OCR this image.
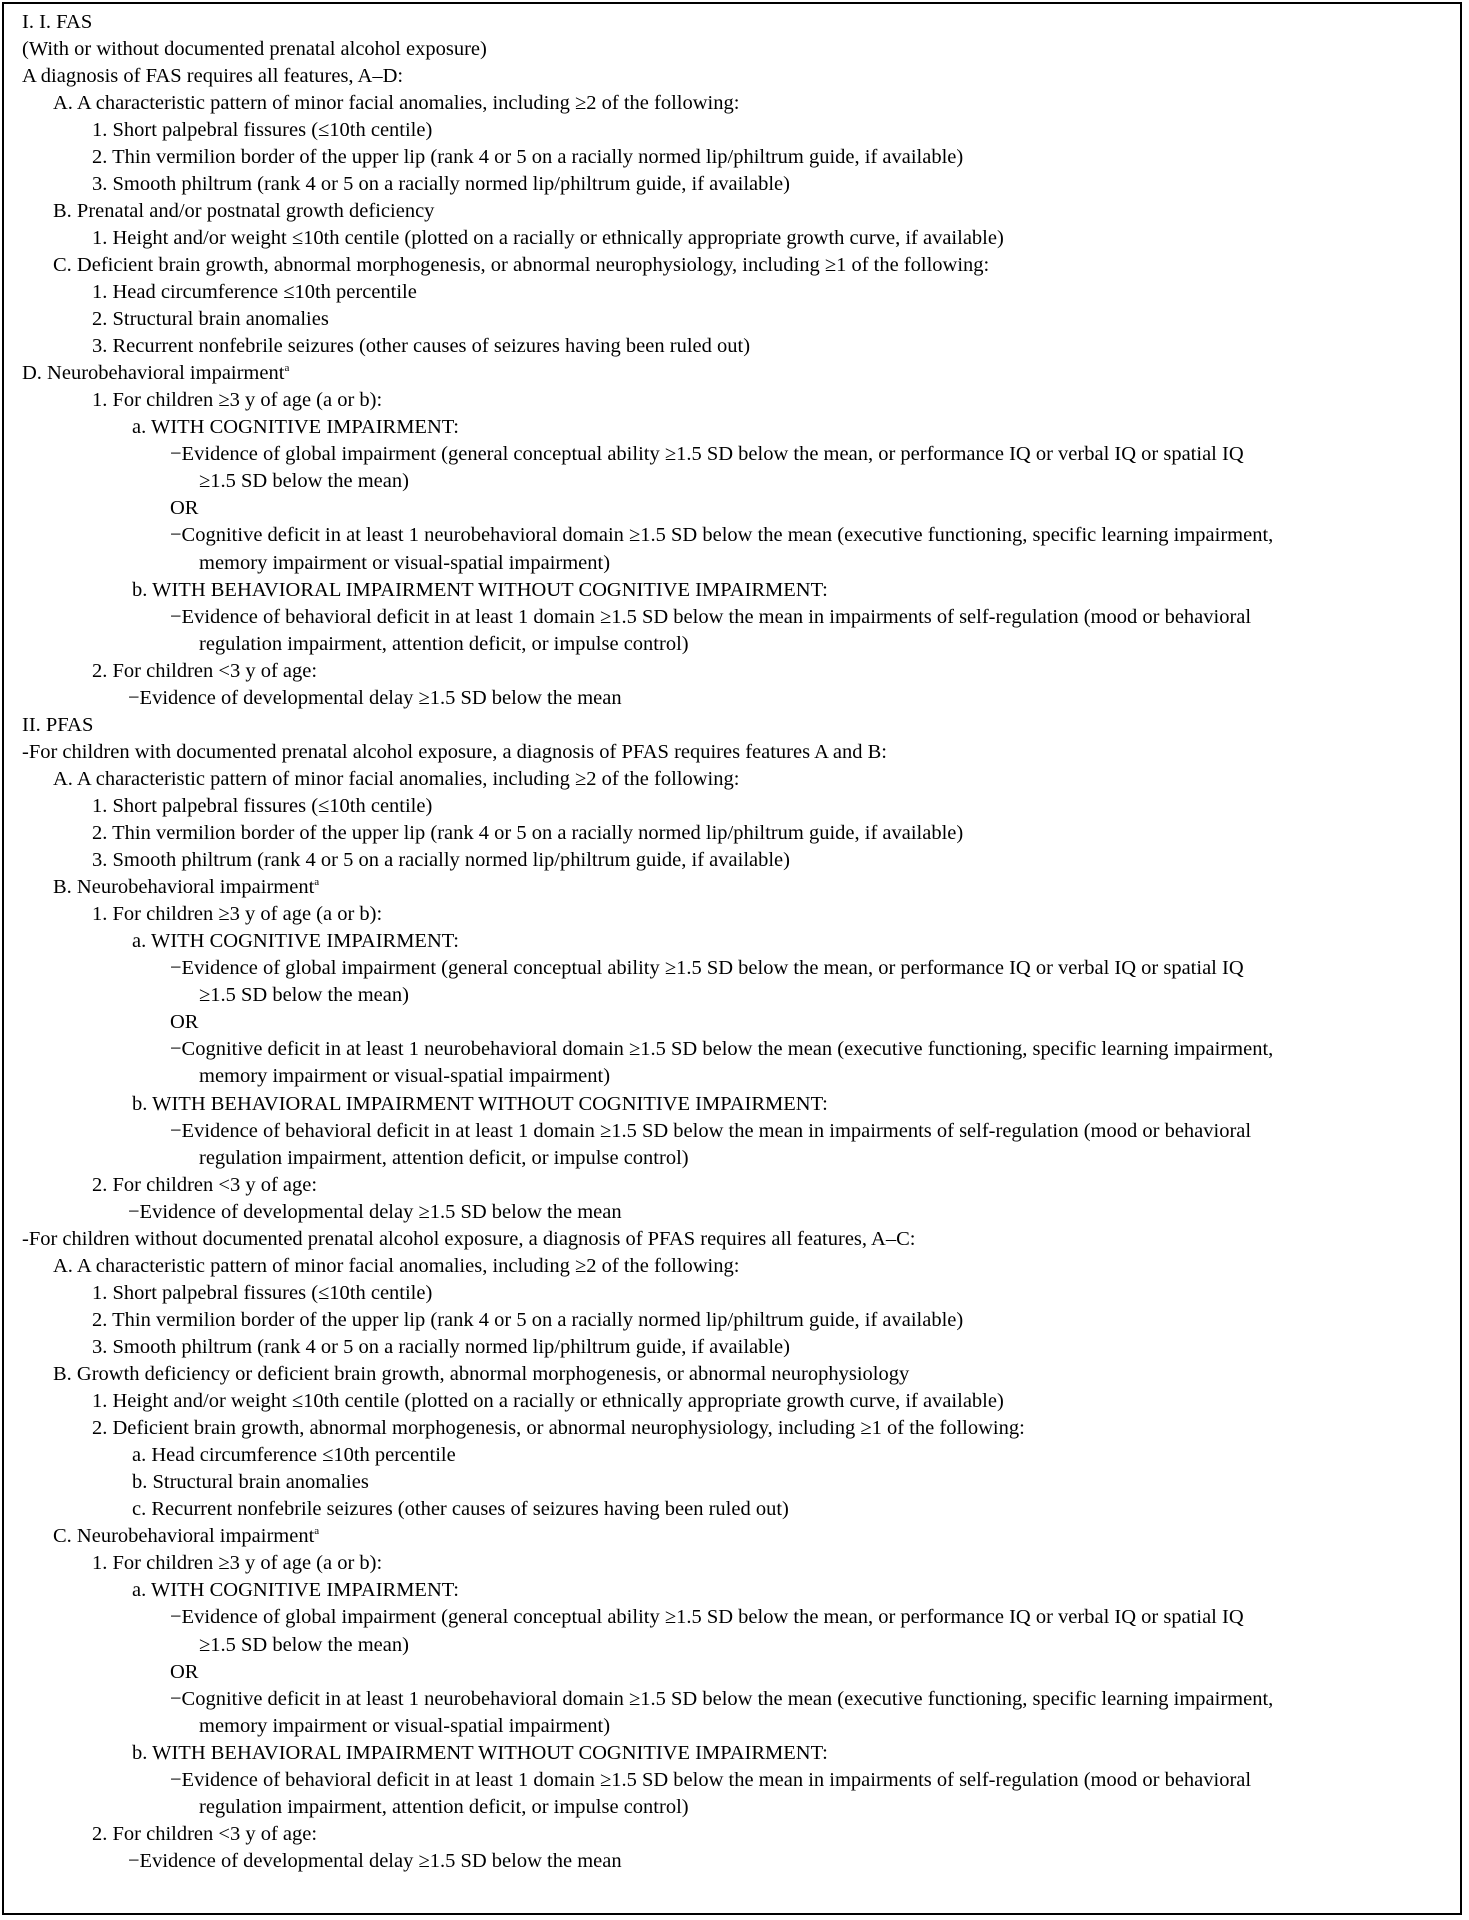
I. I. FAS

(With or without documented prenatal alcohol exposure)

A diagnosis of FAS requires all features, A–D:

A. A characteristic pattern of minor facial anomalies, including ≥2 of the following:

1. Short palpebral fissures (≤10th centile)

2. Thin vermilion border of the upper lip (rank 4 or 5 on a racially normed lip/philtrum guide, if available)

3. Smooth philtrum (rank 4 or 5 on a racially normed lip/philtrum guide, if available)

B. Prenatal and/or postnatal growth deficiency

1. Height and/or weight ≤10th centile (plotted on a racially or ethnically appropriate growth curve, if available)

C. Deficient brain growth, abnormal morphogenesis, or abnormal neurophysiology, including ≥1 of the following:

1. Head circumference ≤10th percentile

2. Structural brain anomalies

3. Recurrent nonfebrile seizures (other causes of seizures having been ruled out)

D. Neurobehavioral impairment$^a$

1. For children ≥3 y of age (a or b):

a. WITH COGNITIVE IMPAIRMENT:

−Evidence of global impairment (general conceptual ability ≥1.5 SD below the mean, or performance IQ or verbal IQ or spatial IQ

≥1.5 SD below the mean)

OR

−Cognitive deficit in at least 1 neurobehavioral domain ≥1.5 SD below the mean (executive functioning, specific learning impairment,

memory impairment or visual-spatial impairment)

b. WITH BEHAVIORAL IMPAIRMENT WITHOUT COGNITIVE IMPAIRMENT:

−Evidence of behavioral deficit in at least 1 domain ≥1.5 SD below the mean in impairments of self-regulation (mood or behavioral

regulation impairment, attention deficit, or impulse control)

2. For children <3 y of age:

−Evidence of developmental delay ≥1.5 SD below the mean

II. PFAS

-For children with documented prenatal alcohol exposure, a diagnosis of PFAS requires features A and B:

A. A characteristic pattern of minor facial anomalies, including ≥2 of the following:

1. Short palpebral fissures (≤10th centile)

2. Thin vermilion border of the upper lip (rank 4 or 5 on a racially normed lip/philtrum guide, if available)

3. Smooth philtrum (rank 4 or 5 on a racially normed lip/philtrum guide, if available)

B. Neurobehavioral impairment$^a$

1. For children ≥3 y of age (a or b):

a. WITH COGNITIVE IMPAIRMENT:

−Evidence of global impairment (general conceptual ability ≥1.5 SD below the mean, or performance IQ or verbal IQ or spatial IQ

≥1.5 SD below the mean)

OR

−Cognitive deficit in at least 1 neurobehavioral domain ≥1.5 SD below the mean (executive functioning, specific learning impairment,

memory impairment or visual-spatial impairment)

b. WITH BEHAVIORAL IMPAIRMENT WITHOUT COGNITIVE IMPAIRMENT:

−Evidence of behavioral deficit in at least 1 domain ≥1.5 SD below the mean in impairments of self-regulation (mood or behavioral

regulation impairment, attention deficit, or impulse control)

2. For children <3 y of age:

−Evidence of developmental delay ≥1.5 SD below the mean

-For children without documented prenatal alcohol exposure, a diagnosis of PFAS requires all features, A–C:

A. A characteristic pattern of minor facial anomalies, including ≥2 of the following:

1. Short palpebral fissures (≤10th centile)

2. Thin vermilion border of the upper lip (rank 4 or 5 on a racially normed lip/philtrum guide, if available)

3. Smooth philtrum (rank 4 or 5 on a racially normed lip/philtrum guide, if available)

B. Growth deficiency or deficient brain growth, abnormal morphogenesis, or abnormal neurophysiology

1. Height and/or weight ≤10th centile (plotted on a racially or ethnically appropriate growth curve, if available)

2. Deficient brain growth, abnormal morphogenesis, or abnormal neurophysiology, including ≥1 of the following:

a. Head circumference ≤10th percentile

b. Structural brain anomalies

c. Recurrent nonfebrile seizures (other causes of seizures having been ruled out)

C. Neurobehavioral impairment$^a$

1. For children ≥3 y of age (a or b):

a. WITH COGNITIVE IMPAIRMENT:

−Evidence of global impairment (general conceptual ability ≥1.5 SD below the mean, or performance IQ or verbal IQ or spatial IQ

≥1.5 SD below the mean)

OR

−Cognitive deficit in at least 1 neurobehavioral domain ≥1.5 SD below the mean (executive functioning, specific learning impairment,

memory impairment or visual-spatial impairment)

b. WITH BEHAVIORAL IMPAIRMENT WITHOUT COGNITIVE IMPAIRMENT:

−Evidence of behavioral deficit in at least 1 domain ≥1.5 SD below the mean in impairments of self-regulation (mood or behavioral

regulation impairment, attention deficit, or impulse control)

2. For children <3 y of age:

−Evidence of developmental delay ≥1.5 SD below the mean
